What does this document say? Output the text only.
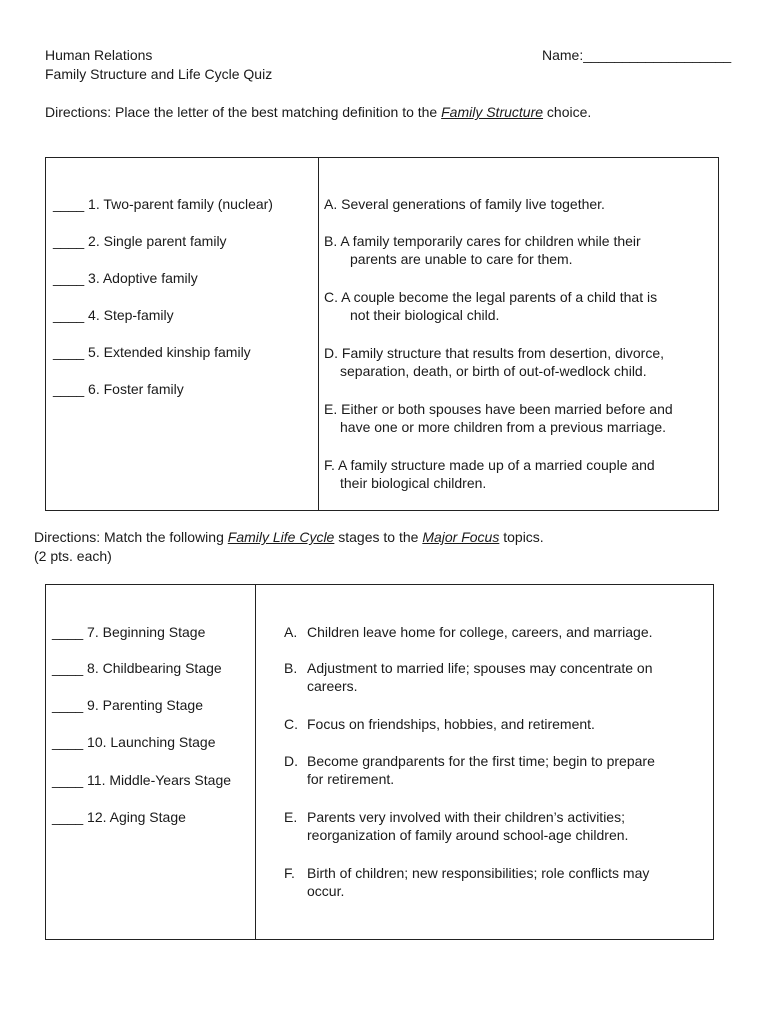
Human Relations
Family Structure and Life Cycle Quiz
Name:___________________
Directions: Place the letter of the best matching definition to the Family Structure choice.
____ 1. Two-parent family (nuclear)
____ 2. Single parent family
____ 3. Adoptive family
____ 4. Step-family
____ 5. Extended kinship family
____ 6. Foster family
A. Several generations of family live together.
B. A family temporarily cares for children while their
parents are unable to care for them.
C. A couple become the legal parents of a child that is
not their biological child.
D. Family structure that results from desertion, divorce,
separation, death, or birth of out-of-wedlock child.
E. Either or both spouses have been married before and
have one or more children from a previous marriage.
F. A family structure made up of a married couple and
their biological children.
Directions: Match the following Family Life Cycle stages to the Major Focus topics.
(2 pts. each)
____ 7. Beginning Stage
____ 8. Childbearing Stage
____ 9. Parenting Stage
____ 10. Launching Stage
____ 11. Middle-Years Stage
____ 12. Aging Stage
A. Children leave home for college, careers, and marriage.
B. Adjustment to married life; spouses may concentrate on
careers.
C. Focus on friendships, hobbies, and retirement.
D. Become grandparents for the first time; begin to prepare
for retirement.
E. Parents very involved with their children’s activities;
reorganization of family around school-age children.
F. Birth of children; new responsibilities; role conflicts may
occur.
